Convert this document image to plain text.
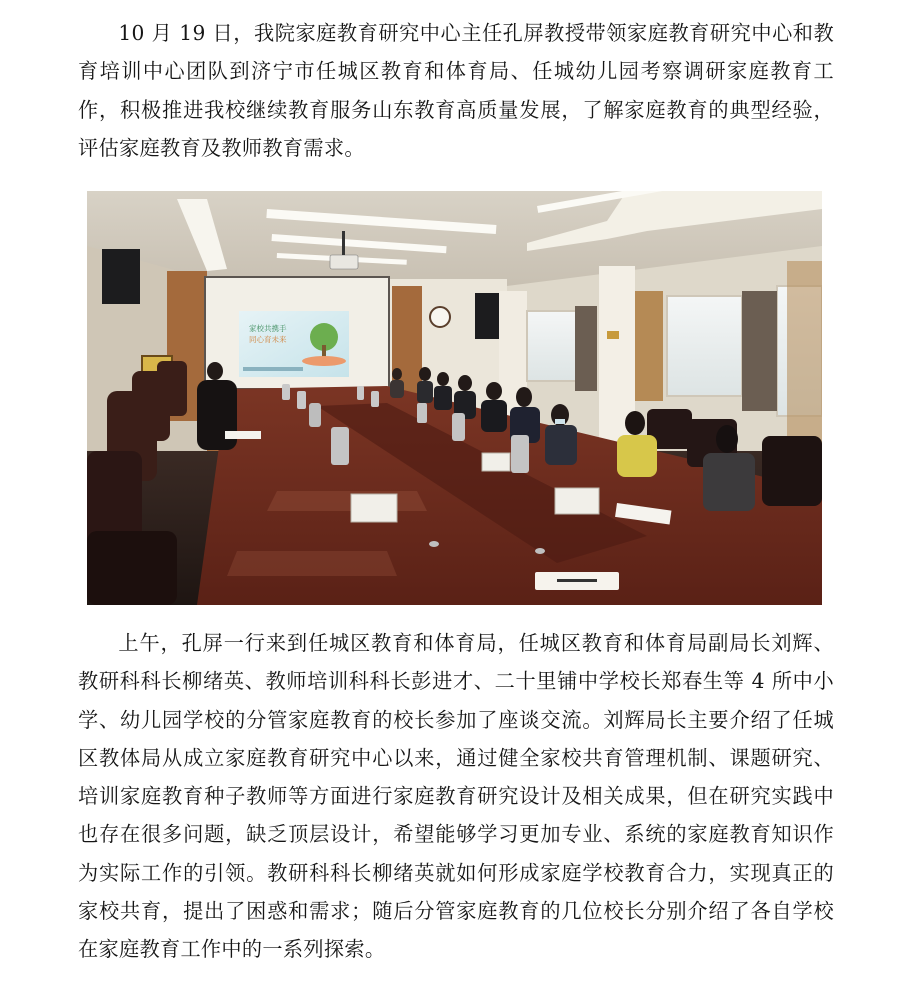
10 月 19 日，我院家庭教育研究中心主任孔屏教授带领家庭教育研究中心和教育培训中心团队到济宁市任城区教育和体育局、任城幼儿园考察调研家庭教育工作，积极推进我校继续教育服务山东教育高质量发展，了解家庭教育的典型经验，评估家庭教育及教师教育需求。

家校共携手
同心育未来

上午，孔屏一行来到任城区教育和体育局，任城区教育和体育局副局长刘辉、教研科科长柳绪英、教师培训科科长彭进才、二十里铺中学校长郑春生等 4 所中小学、幼儿园学校的分管家庭教育的校长参加了座谈交流。刘辉局长主要介绍了任城区教体局从成立家庭教育研究中心以来，通过健全家校共育管理机制、课题研究、培训家庭教育种子教师等方面进行家庭教育研究设计及相关成果，但在研究实践中也存在很多问题，缺乏顶层设计，希望能够学习更加专业、系统的家庭教育知识作为实际工作的引领。教研科科长柳绪英就如何形成家庭学校教育合力，实现真正的家校共育，提出了困惑和需求；随后分管家庭教育的几位校长分别介绍了各自学校在家庭教育工作中的一系列探索。
